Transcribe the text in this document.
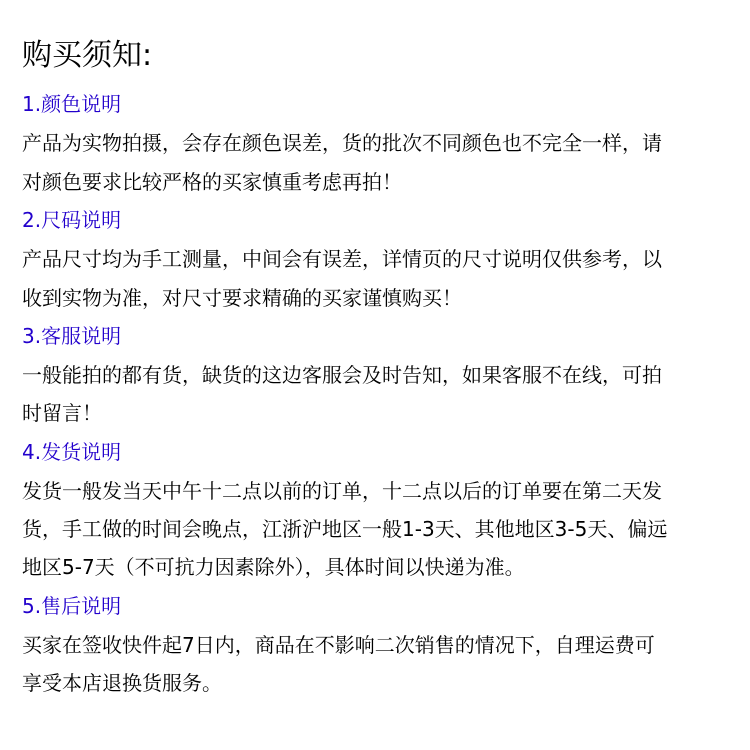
购买须知:
1.颜色说明
产品为实物拍摄，会存在颜色误差，货的批次不同颜色也不完全一样，请
对颜色要求比较严格的买家慎重考虑再拍！
2.尺码说明
产品尺寸均为手工测量，中间会有误差，详情页的尺寸说明仅供参考，以
收到实物为准，对尺寸要求精确的买家谨慎购买！
3.客服说明
一般能拍的都有货，缺货的这边客服会及时告知，如果客服不在线，可拍
时留言！
4.发货说明
发货一般发当天中午十二点以前的订单，十二点以后的订单要在第二天发
货，手工做的时间会晚点，江浙沪地区一般1-3天、其他地区3-5天、偏远
地区5-7天（不可抗力因素除外），具体时间以快递为准。
5.售后说明
买家在签收快件起7日内，商品在不影响二次销售的情况下，自理运费可
享受本店退换货服务。
